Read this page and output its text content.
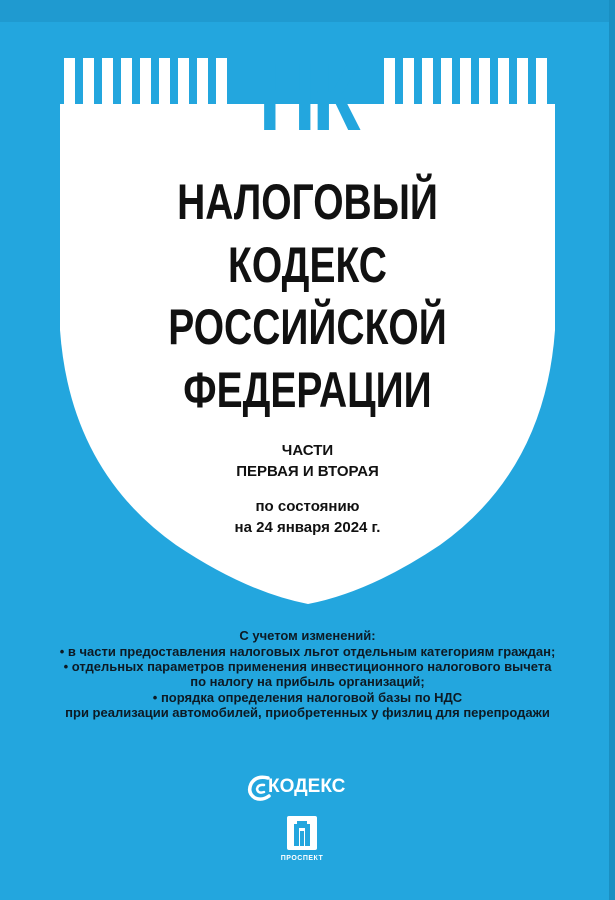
НК
НАЛОГОВЫЙ
КОДЕКС
РОССИЙСКОЙ
ФЕДЕРАЦИИ
ЧАСТИ
ПЕРВАЯ И ВТОРАЯ
по состоянию
на 24 января 2024 г.
С учетом изменений:
• в части предоставления налоговых льгот отдельным категориям граждан;
• отдельных параметров применения инвестиционного налогового вычета
по налогу на прибыль организаций;
• порядка определения налоговой базы по НДС
при реализации автомобилей, приобретенных у физлиц для перепродажи
КОДЕКС
ПРОСПЕКТ
